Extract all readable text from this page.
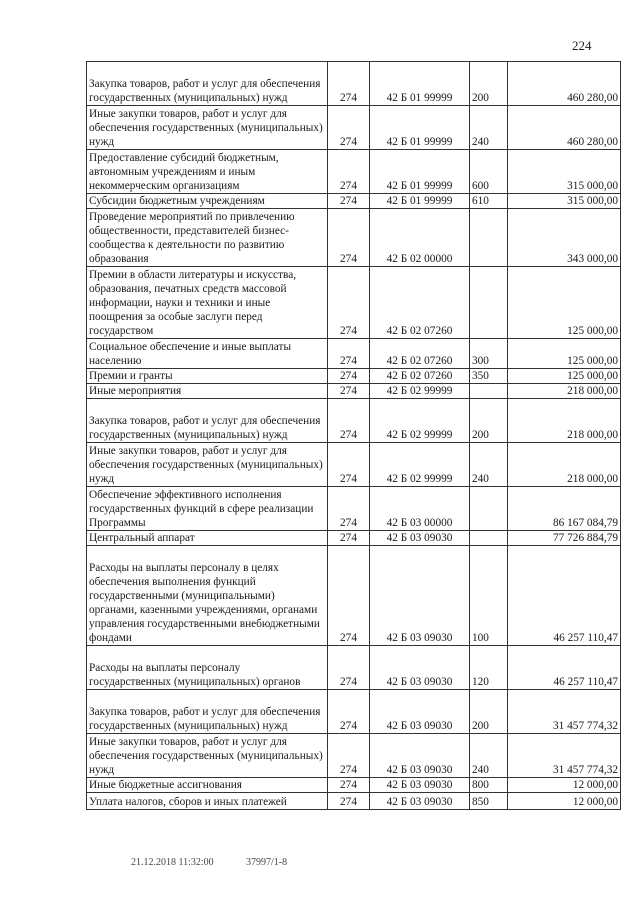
224
Закупка товаров, работ и услуг для обеспечения государственных (муниципальных) нужд	274	42 Б 01 99999	200	460 280,00
Иные закупки товаров, работ и услуг для обеспечения государственных (муниципальных) нужд	274	42 Б 01 99999	240	460 280,00
Предоставление субсидий бюджетным, автономным учреждениям и иным некоммерческим организациям	274	42 Б 01 99999	600	315 000,00
Субсидии бюджетным учреждениям	274	42 Б 01 99999	610	315 000,00
Проведение мероприятий по привлечению общественности, представителей бизнес-сообщества к деятельности по развитию образования	274	42 Б 02 00000		343 000,00
Премии в области литературы и искусства, образования, печатных средств массовой информации, науки и техники и иные поощрения за особые заслуги перед государством	274	42 Б 02 07260		125 000,00
Социальное обеспечение и иные выплаты населению	274	42 Б 02 07260	300	125 000,00
Премии и гранты	274	42 Б 02 07260	350	125 000,00
Иные мероприятия	274	42 Б 02 99999		218 000,00
Закупка товаров, работ и услуг для обеспечения государственных (муниципальных) нужд	274	42 Б 02 99999	200	218 000,00
Иные закупки товаров, работ и услуг для обеспечения государственных (муниципальных) нужд	274	42 Б 02 99999	240	218 000,00
Обеспечение эффективного исполнения государственных функций в сфере реализации Программы	274	42 Б 03 00000		86 167 084,79
Центральный аппарат	274	42 Б 03 09030		77 726 884,79
Расходы на выплаты персоналу в целях обеспечения выполнения функций государственными (муниципальными) органами, казенными учреждениями, органами управления государственными внебюджетными фондами	274	42 Б 03 09030	100	46 257 110,47
Расходы на выплаты персоналу государственных (муниципальных) органов	274	42 Б 03 09030	120	46 257 110,47
Закупка товаров, работ и услуг для обеспечения государственных (муниципальных) нужд	274	42 Б 03 09030	200	31 457 774,32
Иные закупки товаров, работ и услуг для обеспечения государственных (муниципальных) нужд	274	42 Б 03 09030	240	31 457 774,32
Иные бюджетные ассигнования	274	42 Б 03 09030	800	12 000,00
Уплата налогов, сборов и иных платежей	274	42 Б 03 09030	850	12 000,00
21.12.2018 11:32:00	37997/1-8
